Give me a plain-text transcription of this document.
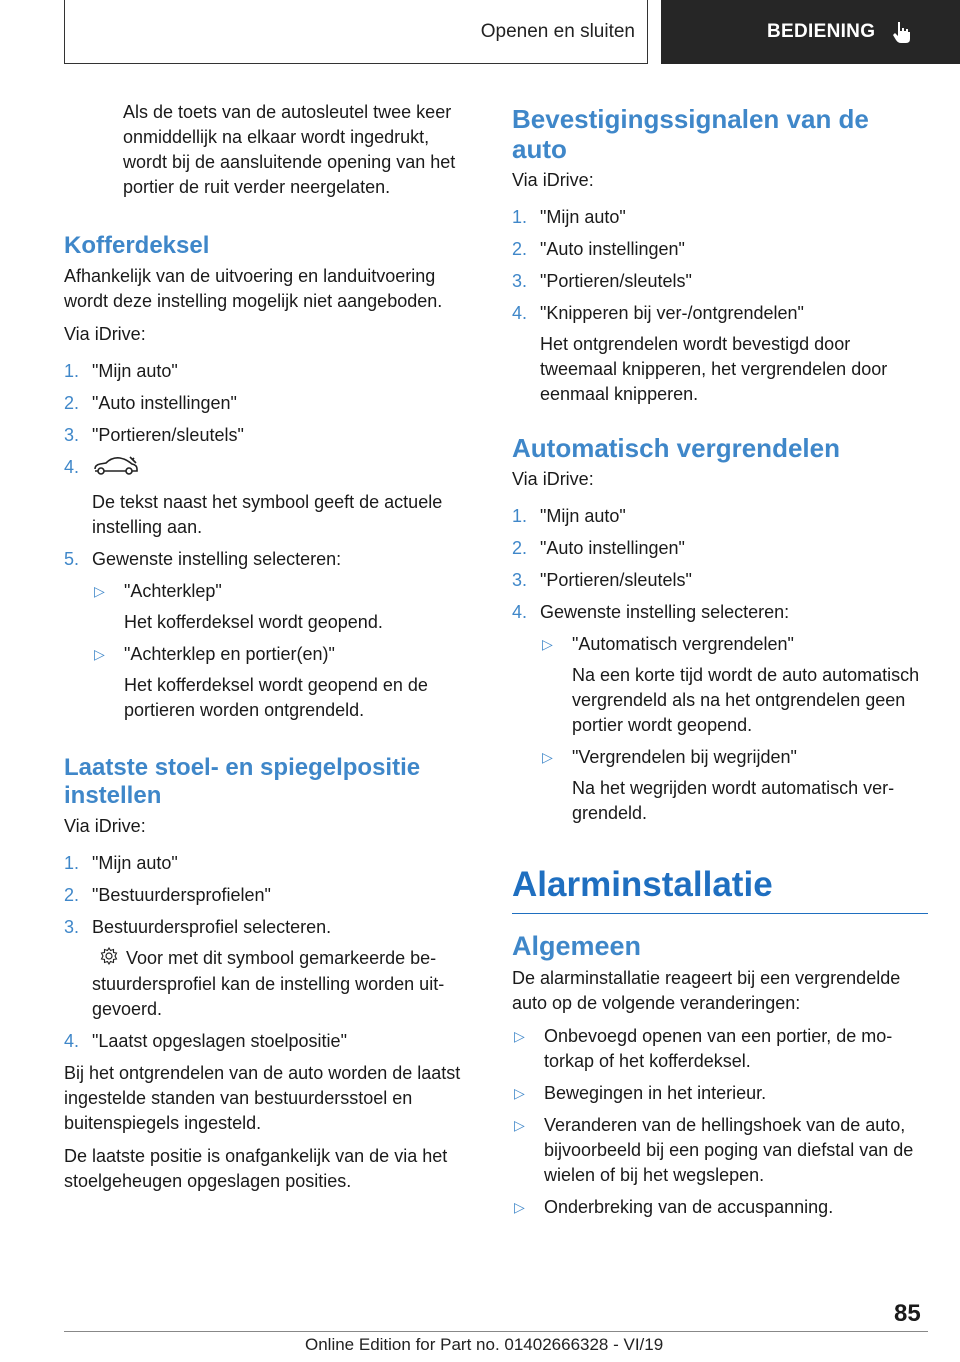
Openen en sluiten	BEDIENING

Als de toets van de autosleutel twee keer onmiddellijk na elkaar wordt ingedrukt, wordt bij de aansluitende opening van het portier de ruit verder neergelaten.

Kofferdeksel

Afhankelijk van de uitvoering en landuitvoering wordt deze instelling mogelijk niet aangeboden.

Via iDrive:

1. "Mijn auto"
2. "Auto instellingen"
3. "Portieren/sleutels"
4.
De tekst naast het symbool geeft de actuele instelling aan.
5. Gewenste instelling selecteren:
▷	"Achterklep"
Het kofferdeksel wordt geopend.
▷	"Achterklep en portier(en)"
Het kofferdeksel wordt geopend en de portieren worden ontgrendeld.
Laatste stoel- en spiegelpositie instellen

Via iDrive:

1. "Mijn auto"
2. "Bestuurdersprofielen"
3. Bestuurdersprofiel selecteren.
Voor met dit symbool gemarkeerde bestuurdersprofiel kan de instelling worden uitgevoerd.
4. "Laatst opgeslagen stoelpositie"

Bij het ontgrendelen van de auto worden de laatst ingestelde standen van bestuurdersstoel en buitenspiegels ingesteld.

De laatste positie is onafgankelijk van de via het stoelgeheugen opgeslagen posities.

Bevestigingssignalen van de auto

Via iDrive:

1. "Mijn auto"
2. "Auto instellingen"
3. "Portieren/sleutels"
4. "Knipperen bij ver-/ontgrendelen"
Het ontgrendelen wordt bevestigd door tweemaal knipperen, het vergrendelen door eenmaal knipperen.
Automatisch vergrendelen

Via iDrive:

1. "Mijn auto"
2. "Auto instellingen"
3. "Portieren/sleutels"
4. Gewenste instelling selecteren:
▷	"Automatisch vergrendelen"
Na een korte tijd wordt de auto automatisch vergrendeld als na het ontgrendelen geen portier wordt geopend.
▷	"Vergrendelen bij wegrijden"
Na het wegrijden wordt automatisch vergrendeld.
Alarminstallatie
Algemeen

De alarminstallatie reageert bij een vergrendelde auto op de volgende veranderingen:

▷	Onbevoegd openen van een portier, de motorkap of het kofferdeksel.
▷	Bewegingen in het interieur.
▷	Veranderen van de hellingshoek van de auto, bijvoorbeeld bij een poging van diefstal van de wielen of bij het wegslepen.
▷	Onderbreking van de accuspanning.
85
Online Edition for Part no. 01402666328 - VI/19
